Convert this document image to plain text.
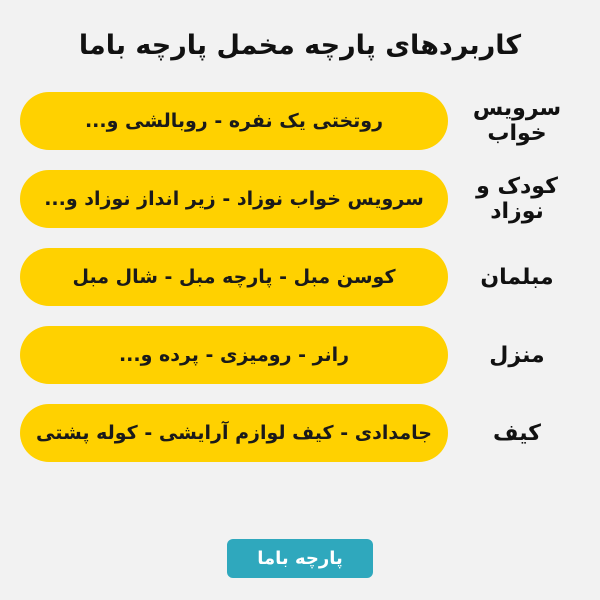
کاربردهای پارچه مخمل پارچه باما
سرویس خواب
روتختی یک نفره - روبالشی و...
کودک و نوزاد
سرویس خواب نوزاد - زیر انداز نوزاد و...
مبلمان
کوسن مبل - پارچه مبل - شال مبل
منزل
رانر - رومیزی - پرده و...
کیف
جامدادی - کیف لوازم آرایشی - کوله پشتی
پارچه باما
